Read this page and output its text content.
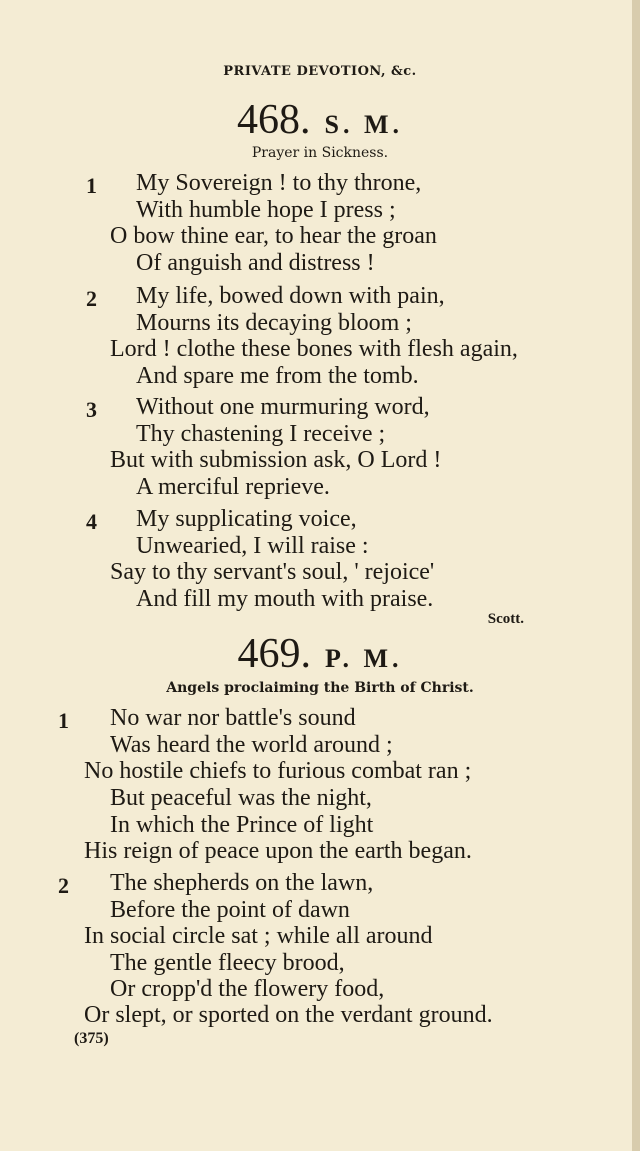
PRIVATE DEVOTION, &c.
468. S. M.
Prayer in Sickness.
1 My Sovereign ! to thy throne,
With humble hope I press ;
O bow thine ear, to hear the groan
Of anguish and distress !
2 My life, bowed down with pain,
Mourns its decaying bloom ;
Lord ! clothe these bones with flesh again,
And spare me from the tomb.
3 Without one murmuring word,
Thy chastening I receive ;
But with submission ask, O Lord !
A merciful reprieve.
4 My supplicating voice,
Unwearied, I will raise :
Say to thy servant's soul, ' rejoice'
And fill my mouth with praise.
Scott.
469. P. M.
Angels proclaiming the Birth of Christ.
1 No war nor battle's sound
Was heard the world around ;
No hostile chiefs to furious combat ran ;
But peaceful was the night,
In which the Prince of light
His reign of peace upon the earth began.
2 The shepherds on the lawn,
Before the point of dawn
In social circle sat ; while all around
The gentle fleecy brood,
Or cropp'd the flowery food,
Or slept, or sported on the verdant ground.
(375)
